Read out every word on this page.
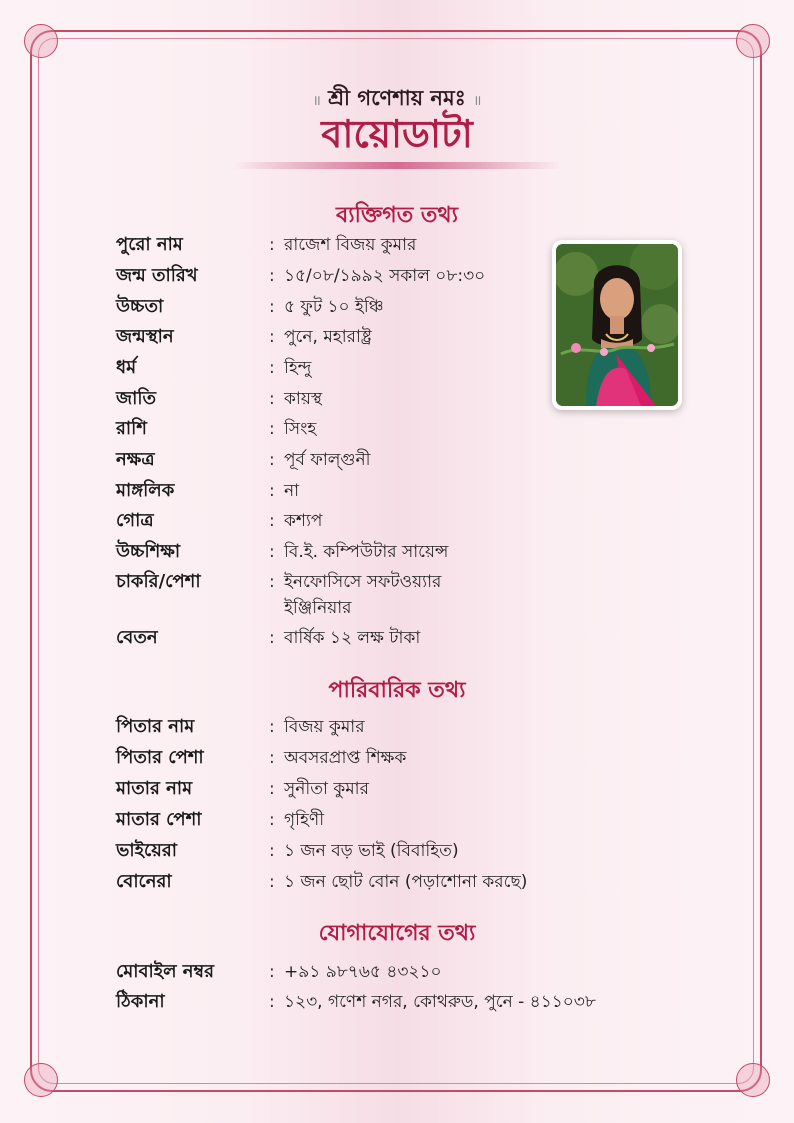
॥ শ্রী গণেশায় নমঃ ॥
বায়োডাটা
ব্যক্তিগত তথ্য
পুরো নাম	: রাজেশ বিজয় কুমার
জন্ম তারিখ	: ১৫/০৮/১৯৯২ সকাল ০৮:৩০
উচ্চতা	: ৫ ফুট ১০ ইঞ্চি
জন্মস্থান	: পুনে, মহারাষ্ট্র
ধর্ম	: হিন্দু
জাতি	: কায়স্থ
রাশি	: সিংহ
নক্ষত্র	: পূর্ব ফাল্গুনী
মাঙ্গলিক	: না
গোত্র	: কশ্যপ
উচ্চশিক্ষা	: বি.ই. কম্পিউটার সায়েন্স
চাকরি/পেশা	: ইনফোসিসে সফটওয়্যার ইঞ্জিনিয়ার
বেতন	: বার্ষিক ১২ লক্ষ টাকা
পারিবারিক তথ্য
পিতার নাম	: বিজয় কুমার
পিতার পেশা	: অবসরপ্রাপ্ত শিক্ষক
মাতার নাম	: সুনীতা কুমার
মাতার পেশা	: গৃহিণী
ভাইয়েরা	: ১ জন বড় ভাই (বিবাহিত)
বোনেরা	: ১ জন ছোট বোন (পড়াশোনা করছে)
যোগাযোগের তথ্য
মোবাইল নম্বর	: +৯১ ৯৮৭৬৫ ৪৩২১০
ঠিকানা	: ১২৩, গণেশ নগর, কোথরুড, পুনে - ৪১১০৩৮
